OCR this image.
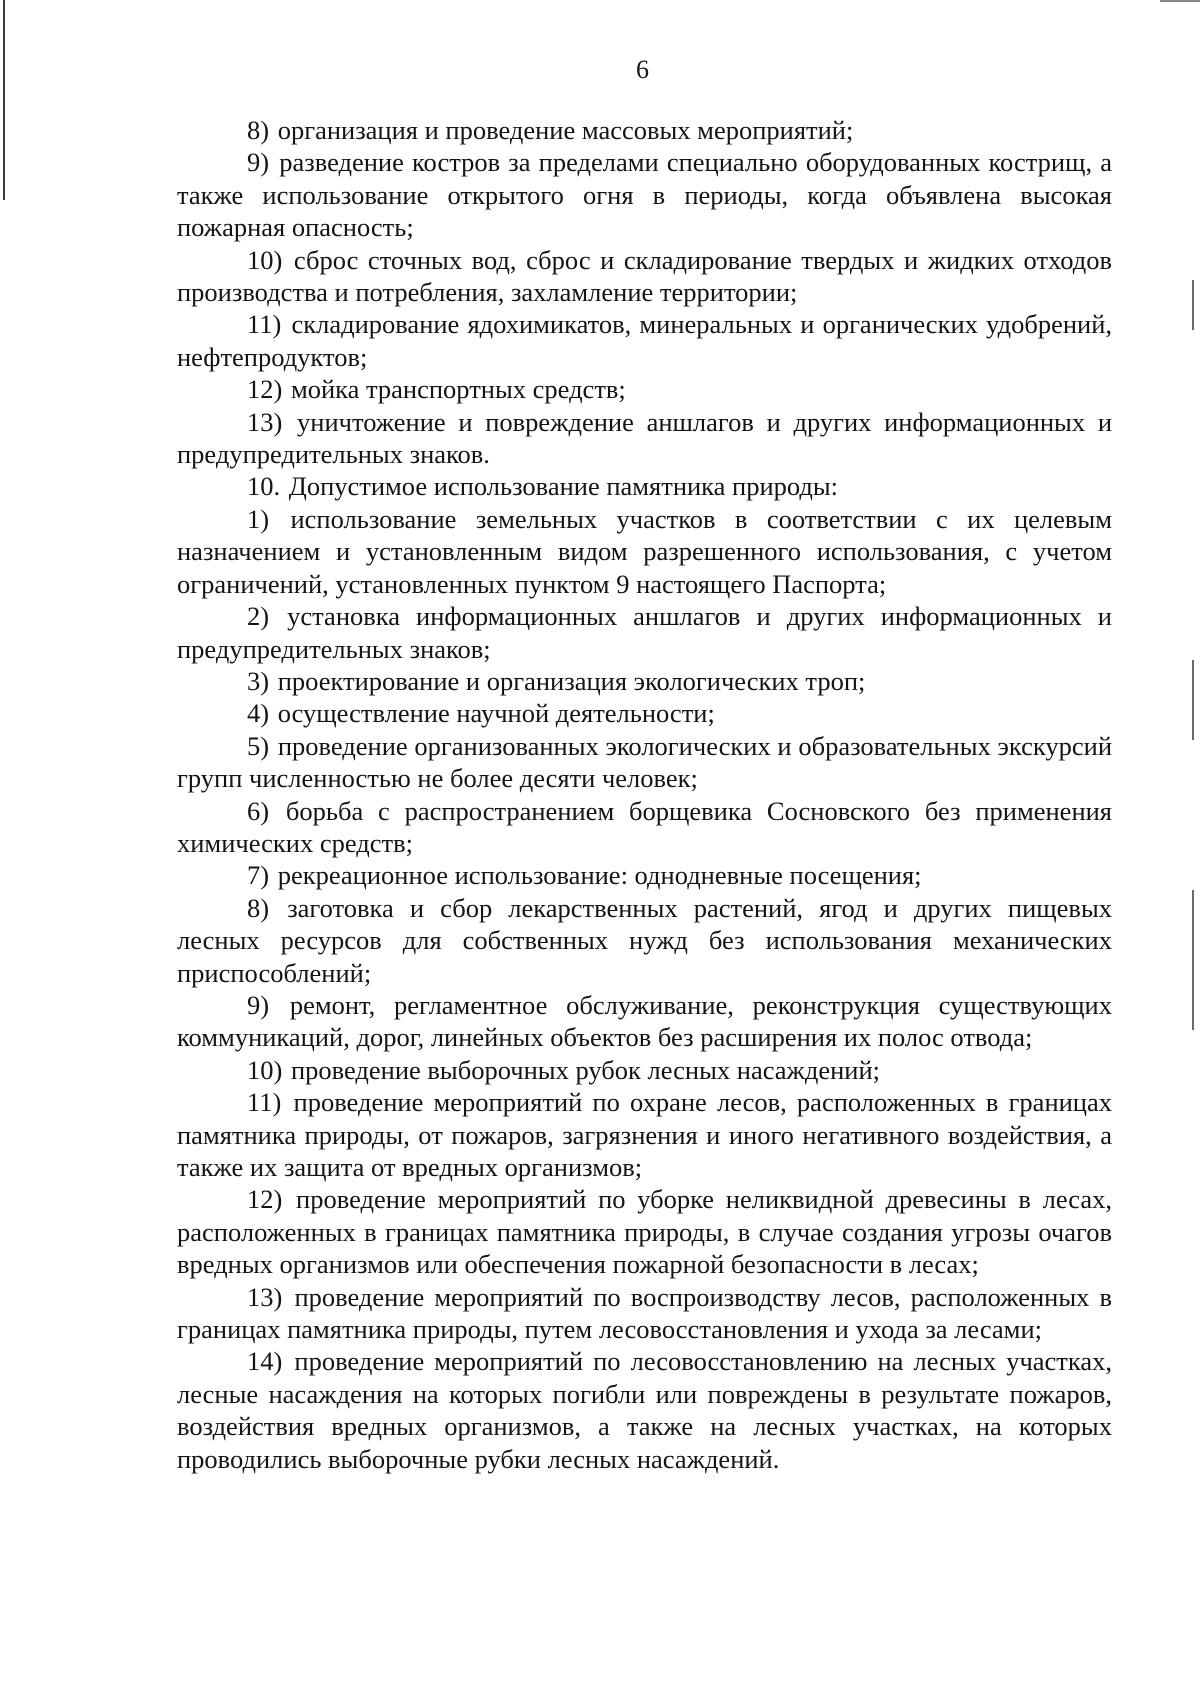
6

8) организация и проведение массовых мероприятий;

9) разведение костров за пределами специально оборудованных кострищ, а также использование открытого огня в периоды, когда объявлена высокая пожарная опасность;

10) сброс сточных вод, сброс и складирование твердых и жидких отходов производства и потребления, захламление территории;

11) складирование ядохимикатов, минеральных и органических удобрений, нефтепродуктов;

12) мойка транспортных средств;

13) уничтожение и повреждение аншлагов и других информационных и предупредительных знаков.

10. Допустимое использование памятника природы:

1) использование земельных участков в соответствии с их целевым назначением и установленным видом разрешенного использования, с учетом ограничений, установленных пунктом 9 настоящего Паспорта;

2) установка информационных аншлагов и других информационных и предупредительных знаков;

3) проектирование и организация экологических троп;

4) осуществление научной деятельности;

5) проведение организованных экологических и образовательных экскурсий групп численностью не более десяти человек;

6) борьба с распространением борщевика Сосновского без применения химических средств;

7) рекреационное использование: однодневные посещения;

8) заготовка и сбор лекарственных растений, ягод и других пищевых лесных ресурсов для собственных нужд без использования механических приспособлений;

9) ремонт, регламентное обслуживание, реконструкция существующих коммуникаций, дорог, линейных объектов без расширения их полос отвода;

10) проведение выборочных рубок лесных насаждений;

11) проведение мероприятий по охране лесов, расположенных в границах памятника природы, от пожаров, загрязнения и иного негативного воздействия, а также их защита от вредных организмов;

12) проведение мероприятий по уборке неликвидной древесины в лесах, расположенных в границах памятника природы, в случае создания угрозы очагов вредных организмов или обеспечения пожарной безопасности в лесах;

13) проведение мероприятий по воспроизводству лесов, расположенных в границах памятника природы, путем лесовосстановления и ухода за лесами;

14) проведение мероприятий по лесовосстановлению на лесных участках, лесные насаждения на которых погибли или повреждены в результате пожаров, воздействия вредных организмов, а также на лесных участках, на которых проводились выборочные рубки лесных насаждений.
